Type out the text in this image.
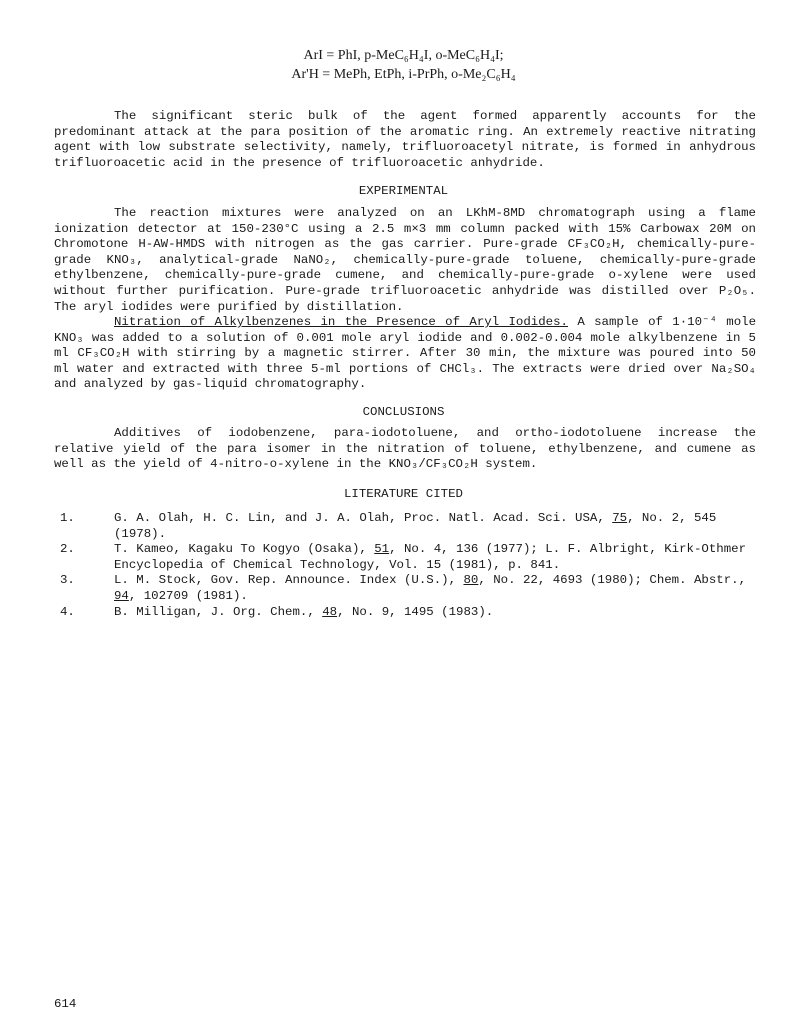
ArI = PhI, p-MeC₆H₄I, o-MeC₆H₄I;
Ar'H = MePh, EtPh, i-PrPh, o-Me₂C₆H₄
The significant steric bulk of the agent formed apparently accounts for the predominant attack at the para position of the aromatic ring. An extremely reactive nitrating agent with low substrate selectivity, namely, trifluoroacetyl nitrate, is formed in anhydrous trifluoroacetic acid in the presence of trifluoroacetic anhydride.
EXPERIMENTAL
The reaction mixtures were analyzed on an LKhM-8MD chromatograph using a flame ionization detector at 150-230°C using a 2.5 m×3 mm column packed with 15% Carbowax 20M on Chromotone H-AW-HMDS with nitrogen as the gas carrier. Pure-grade CF₃CO₂H, chemically-pure-grade KNO₃, analytical-grade NaNO₂, chemically-pure-grade toluene, chemically-pure-grade ethylbenzene, chemically-pure-grade cumene, and chemically-pure-grade o-xylene were used without further purification. Pure-grade trifluoroacetic anhydride was distilled over P₂O₅. The aryl iodides were purified by distillation.
Nitration of Alkylbenzenes in the Presence of Aryl Iodides. A sample of 1·10⁻⁴ mole KNO₃ was added to a solution of 0.001 mole aryl iodide and 0.002-0.004 mole alkylbenzene in 5 ml CF₃CO₂H with stirring by a magnetic stirrer. After 30 min, the mixture was poured into 50 ml water and extracted with three 5-ml portions of CHCl₃. The extracts were dried over Na₂SO₄ and analyzed by gas-liquid chromatography.
CONCLUSIONS
Additives of iodobenzene, para-iodotoluene, and ortho-iodotoluene increase the relative yield of the para isomer in the nitration of toluene, ethylbenzene, and cumene as well as the yield of 4-nitro-o-xylene in the KNO₃/CF₃CO₂H system.
LITERATURE CITED
1.	G. A. Olah, H. C. Lin, and J. A. Olah, Proc. Natl. Acad. Sci. USA, 75, No. 2, 545 (1978).
2.	T. Kameo, Kagaku To Kogyo (Osaka), 51, No. 4, 136 (1977); L. F. Albright, Kirk-Othmer Encyclopedia of Chemical Technology, Vol. 15 (1981), p. 841.
3.	L. M. Stock, Gov. Rep. Announce. Index (U.S.), 80, No. 22, 4693 (1980); Chem. Abstr., 94, 102709 (1981).
4.	B. Milligan, J. Org. Chem., 48, No. 9, 1495 (1983).
614
